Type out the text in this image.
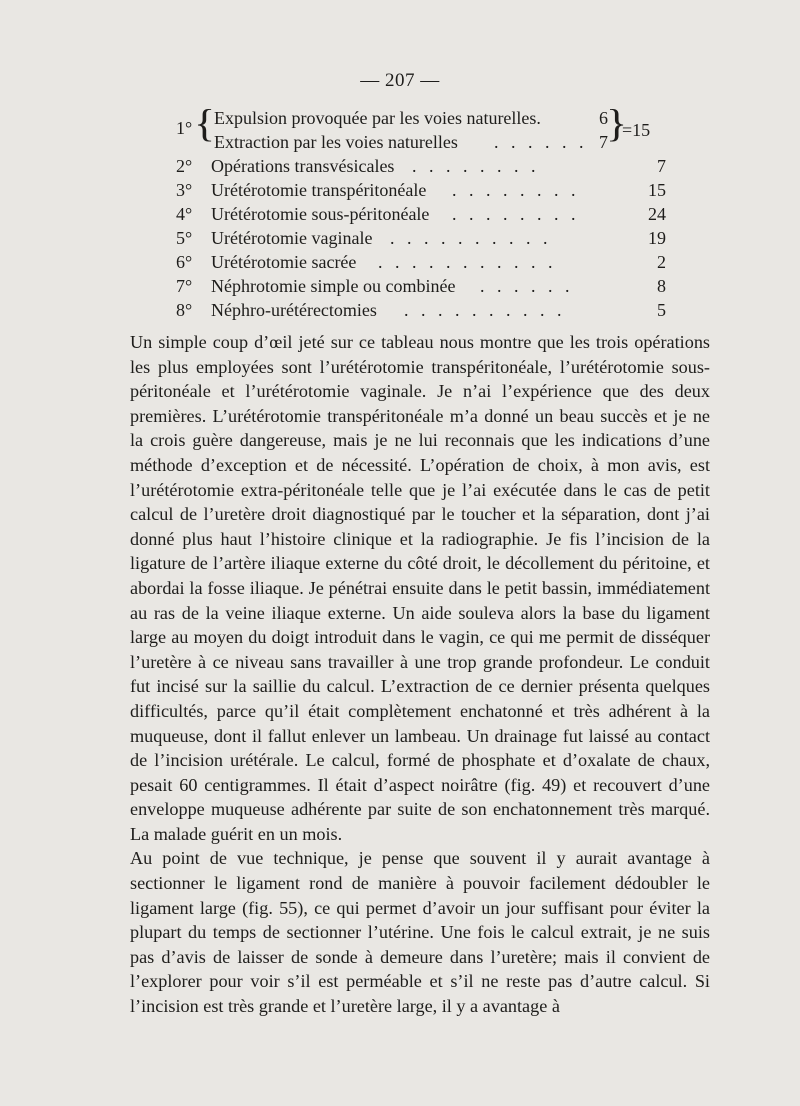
— 207 —
1° {
Expulsion provoquée par les voies naturelles.	6
Extraction par les voies naturelles . . . . . . 7
}
=15
2°	Opérations transvésicales . . . . . . . .	7
3°	Urétérotomie transpéritonéale . . . . . . . .	15
4°	Urétérotomie sous-péritonéale . . . . . . . .	24
5°	Urétérotomie vaginale . . . . . . . . . .	19
6°	Urétérotomie sacrée . . . . . . . . . . .	2
7°	Néphrotomie simple ou combinée . . . . . .	8
8°	Néphro-urétérectomies . . . . . . . . . .	5

Un simple coup d’œil jeté sur ce tableau nous montre que les trois opérations les plus employées sont l’urétérotomie transpéritonéale, l’urétérotomie sous-péritonéale et l’urétérotomie vaginale. Je n’ai l’expérience que des deux premières. L’urétérotomie transpéritonéale m’a donné un beau succès et je ne la crois guère dangereuse, mais je ne lui reconnais que les indications d’une méthode d’exception et de nécessité. L’opération de choix, à mon avis, est l’urétérotomie extra-péritonéale telle que je l’ai exécutée dans le cas de petit calcul de l’uretère droit diagnostiqué par le toucher et la séparation, dont j’ai donné plus haut l’histoire clinique et la radiographie. Je fis l’incision de la ligature de l’artère iliaque externe du côté droit, le décollement du péritoine, et abordai la fosse iliaque. Je pénétrai ensuite dans le petit bassin, immédiatement au ras de la veine iliaque externe. Un aide souleva alors la base du ligament large au moyen du doigt introduit dans le vagin, ce qui me permit de disséquer l’uretère à ce niveau sans travailler à une trop grande profondeur. Le conduit fut incisé sur la saillie du calcul. L’extraction de ce dernier présenta quelques difficultés, parce qu’il était complètement enchatonné et très adhérent à la muqueuse, dont il fallut enlever un lambeau. Un drainage fut laissé au contact de l’incision urétérale. Le calcul, formé de phosphate et d’oxalate de chaux, pesait 60 centigrammes. Il était d’aspect noirâtre (fig. 49) et recouvert d’une enveloppe muqueuse adhérente par suite de son enchatonnement très marqué. La malade guérit en un mois.

Au point de vue technique, je pense que souvent il y aurait avantage à sectionner le ligament rond de manière à pouvoir facilement dédoubler le ligament large (fig. 55), ce qui permet d’avoir un jour suffisant pour éviter la plupart du temps de sectionner l’utérine. Une fois le calcul extrait, je ne suis pas d’avis de laisser de sonde à demeure dans l’uretère; mais il convient de l’explorer pour voir s’il est perméable et s’il ne reste pas d’autre calcul. Si l’incision est très grande et l’uretère large, il y a avantage à
